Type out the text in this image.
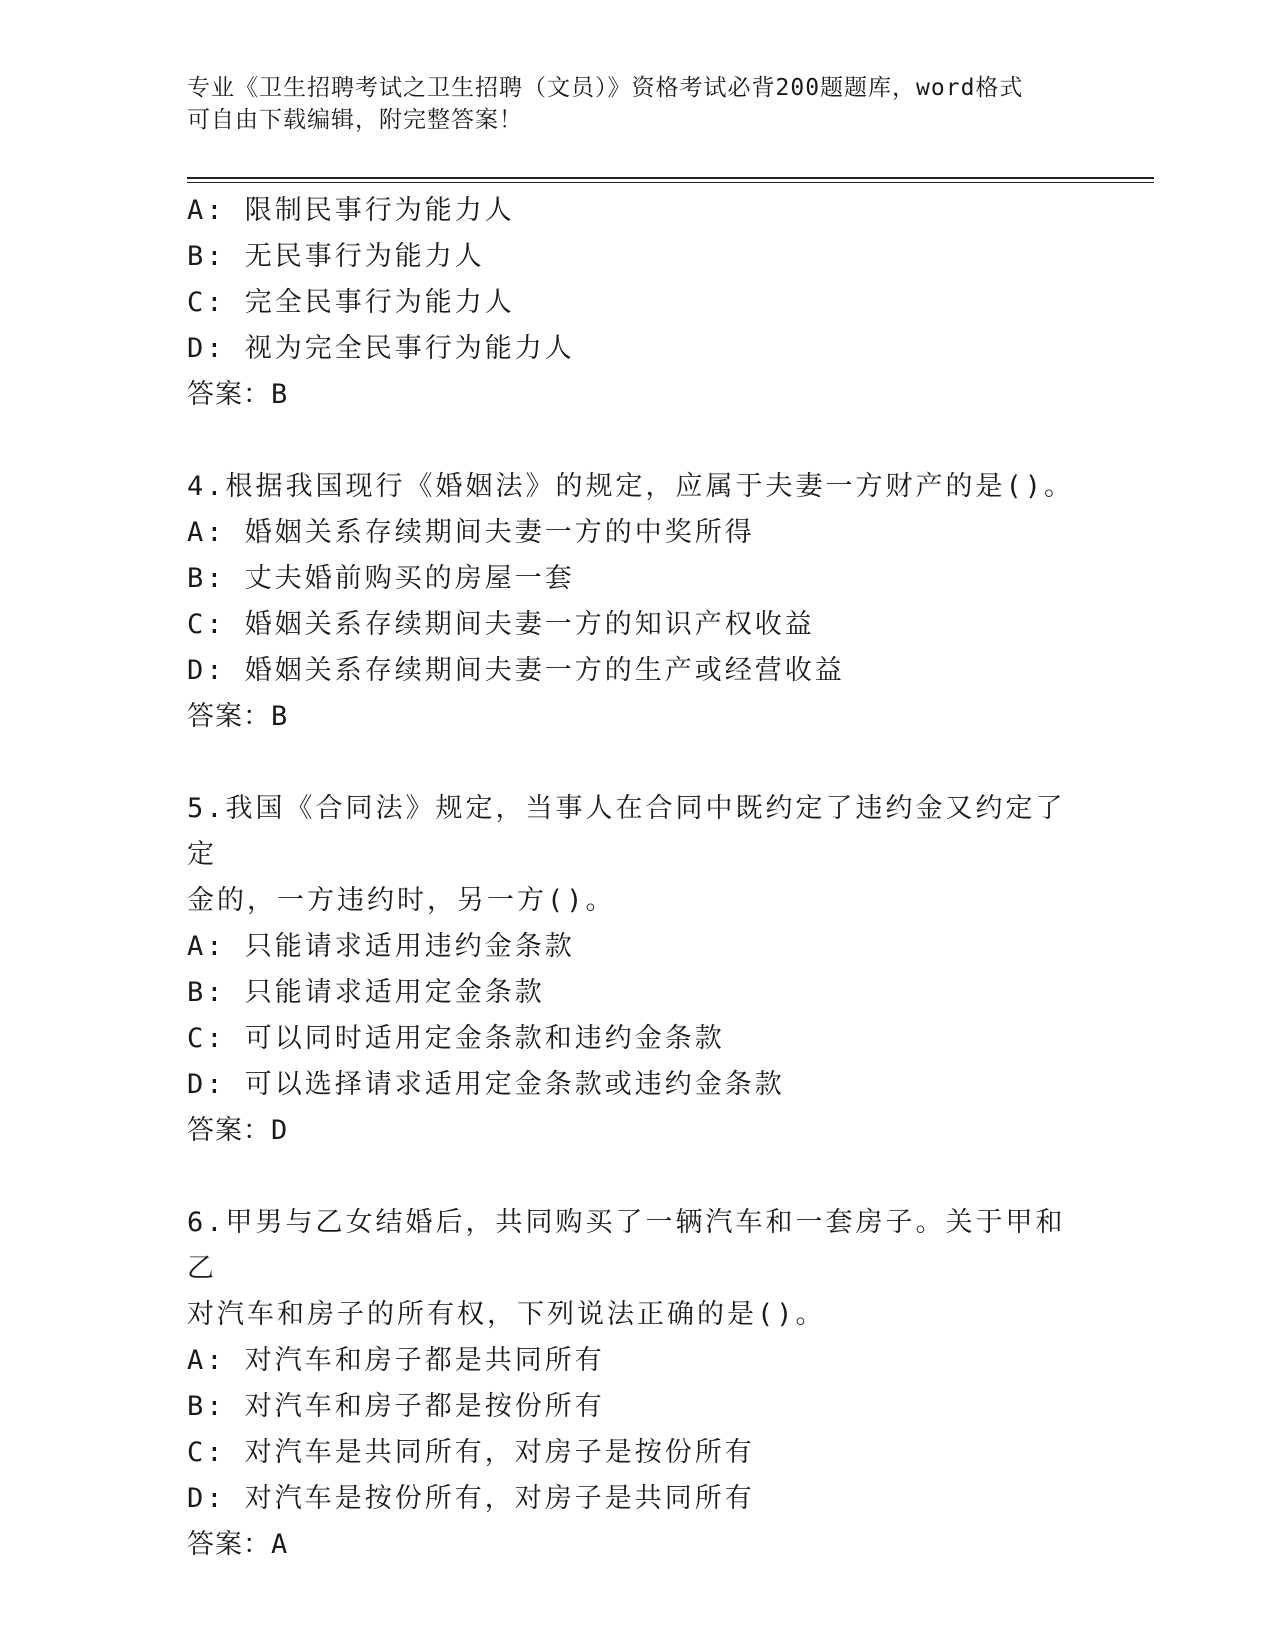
专业《卫生招聘考试之卫生招聘（文员）》资格考试必背200题题库，word格式
可自由下载编辑，附完整答案！
A: 限制民事行为能力人
B: 无民事行为能力人
C: 完全民事行为能力人
D: 视为完全民事行为能力人
答案：B
4.根据我国现行《婚姻法》的规定，应属于夫妻一方财产的是()。
A: 婚姻关系存续期间夫妻一方的中奖所得
B: 丈夫婚前购买的房屋一套
C: 婚姻关系存续期间夫妻一方的知识产权收益
D: 婚姻关系存续期间夫妻一方的生产或经营收益
答案：B
5.我国《合同法》规定，当事人在合同中既约定了违约金又约定了定
金的，一方违约时，另一方()。
A: 只能请求适用违约金条款
B: 只能请求适用定金条款
C: 可以同时适用定金条款和违约金条款
D: 可以选择请求适用定金条款或违约金条款
答案：D
6.甲男与乙女结婚后，共同购买了一辆汽车和一套房子。关于甲和乙
对汽车和房子的所有权，下列说法正确的是()。
A: 对汽车和房子都是共同所有
B: 对汽车和房子都是按份所有
C: 对汽车是共同所有，对房子是按份所有
D: 对汽车是按份所有，对房子是共同所有
答案：A
